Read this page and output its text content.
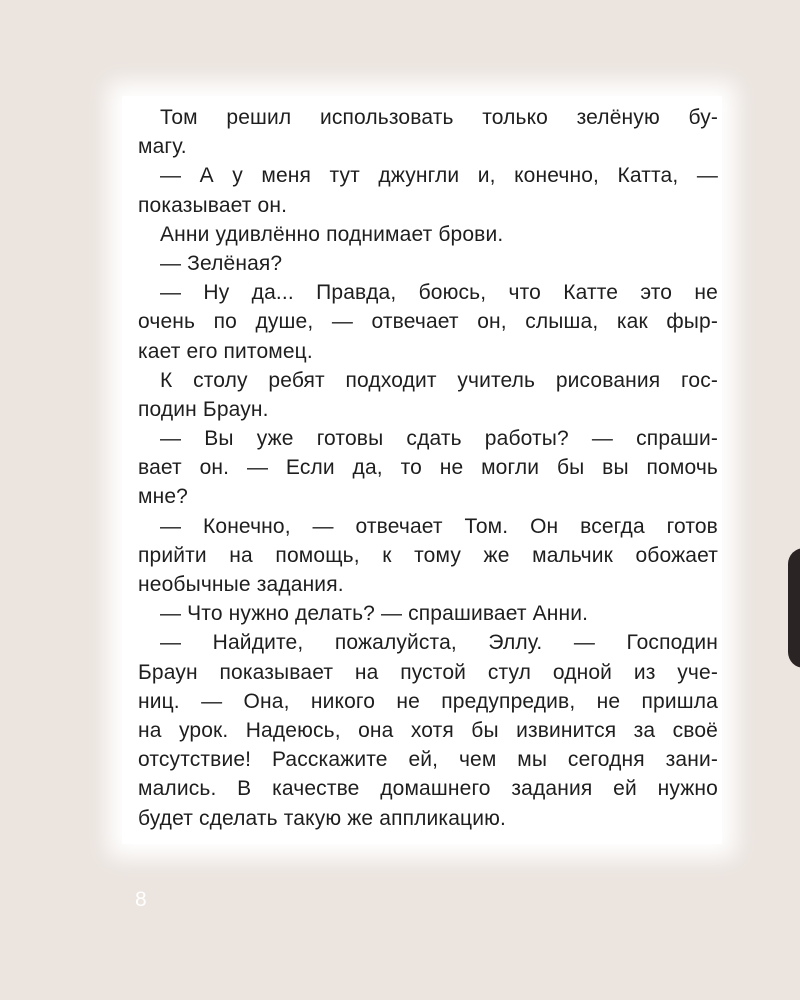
Том решил использовать только зелёную бу-
магу.
— А у меня тут джунгли и, конечно, Катта, —
показывает он.
Анни удивлённо поднимает брови.
— Зелёная?
— Ну да... Правда, боюсь, что Катте это не
очень по душе, — отвечает он, слыша, как фыр-
кает его питомец.
К столу ребят подходит учитель рисования гос-
подин Браун.
— Вы уже готовы сдать работы? — спраши-
вает он. — Если да, то не могли бы вы помочь
мне?
— Конечно, — отвечает Том. Он всегда готов
прийти на помощь, к тому же мальчик обожает
необычные задания.
— Что нужно делать? — спрашивает Анни.
— Найдите, пожалуйста, Эллу. — Господин
Браун показывает на пустой стул одной из уче-
ниц. — Она, никого не предупредив, не пришла
на урок. Надеюсь, она хотя бы извинится за своё
отсутствие! Расскажите ей, чем мы сегодня зани-
мались. В качестве домашнего задания ей нужно
будет сделать такую же аппликацию.
8
